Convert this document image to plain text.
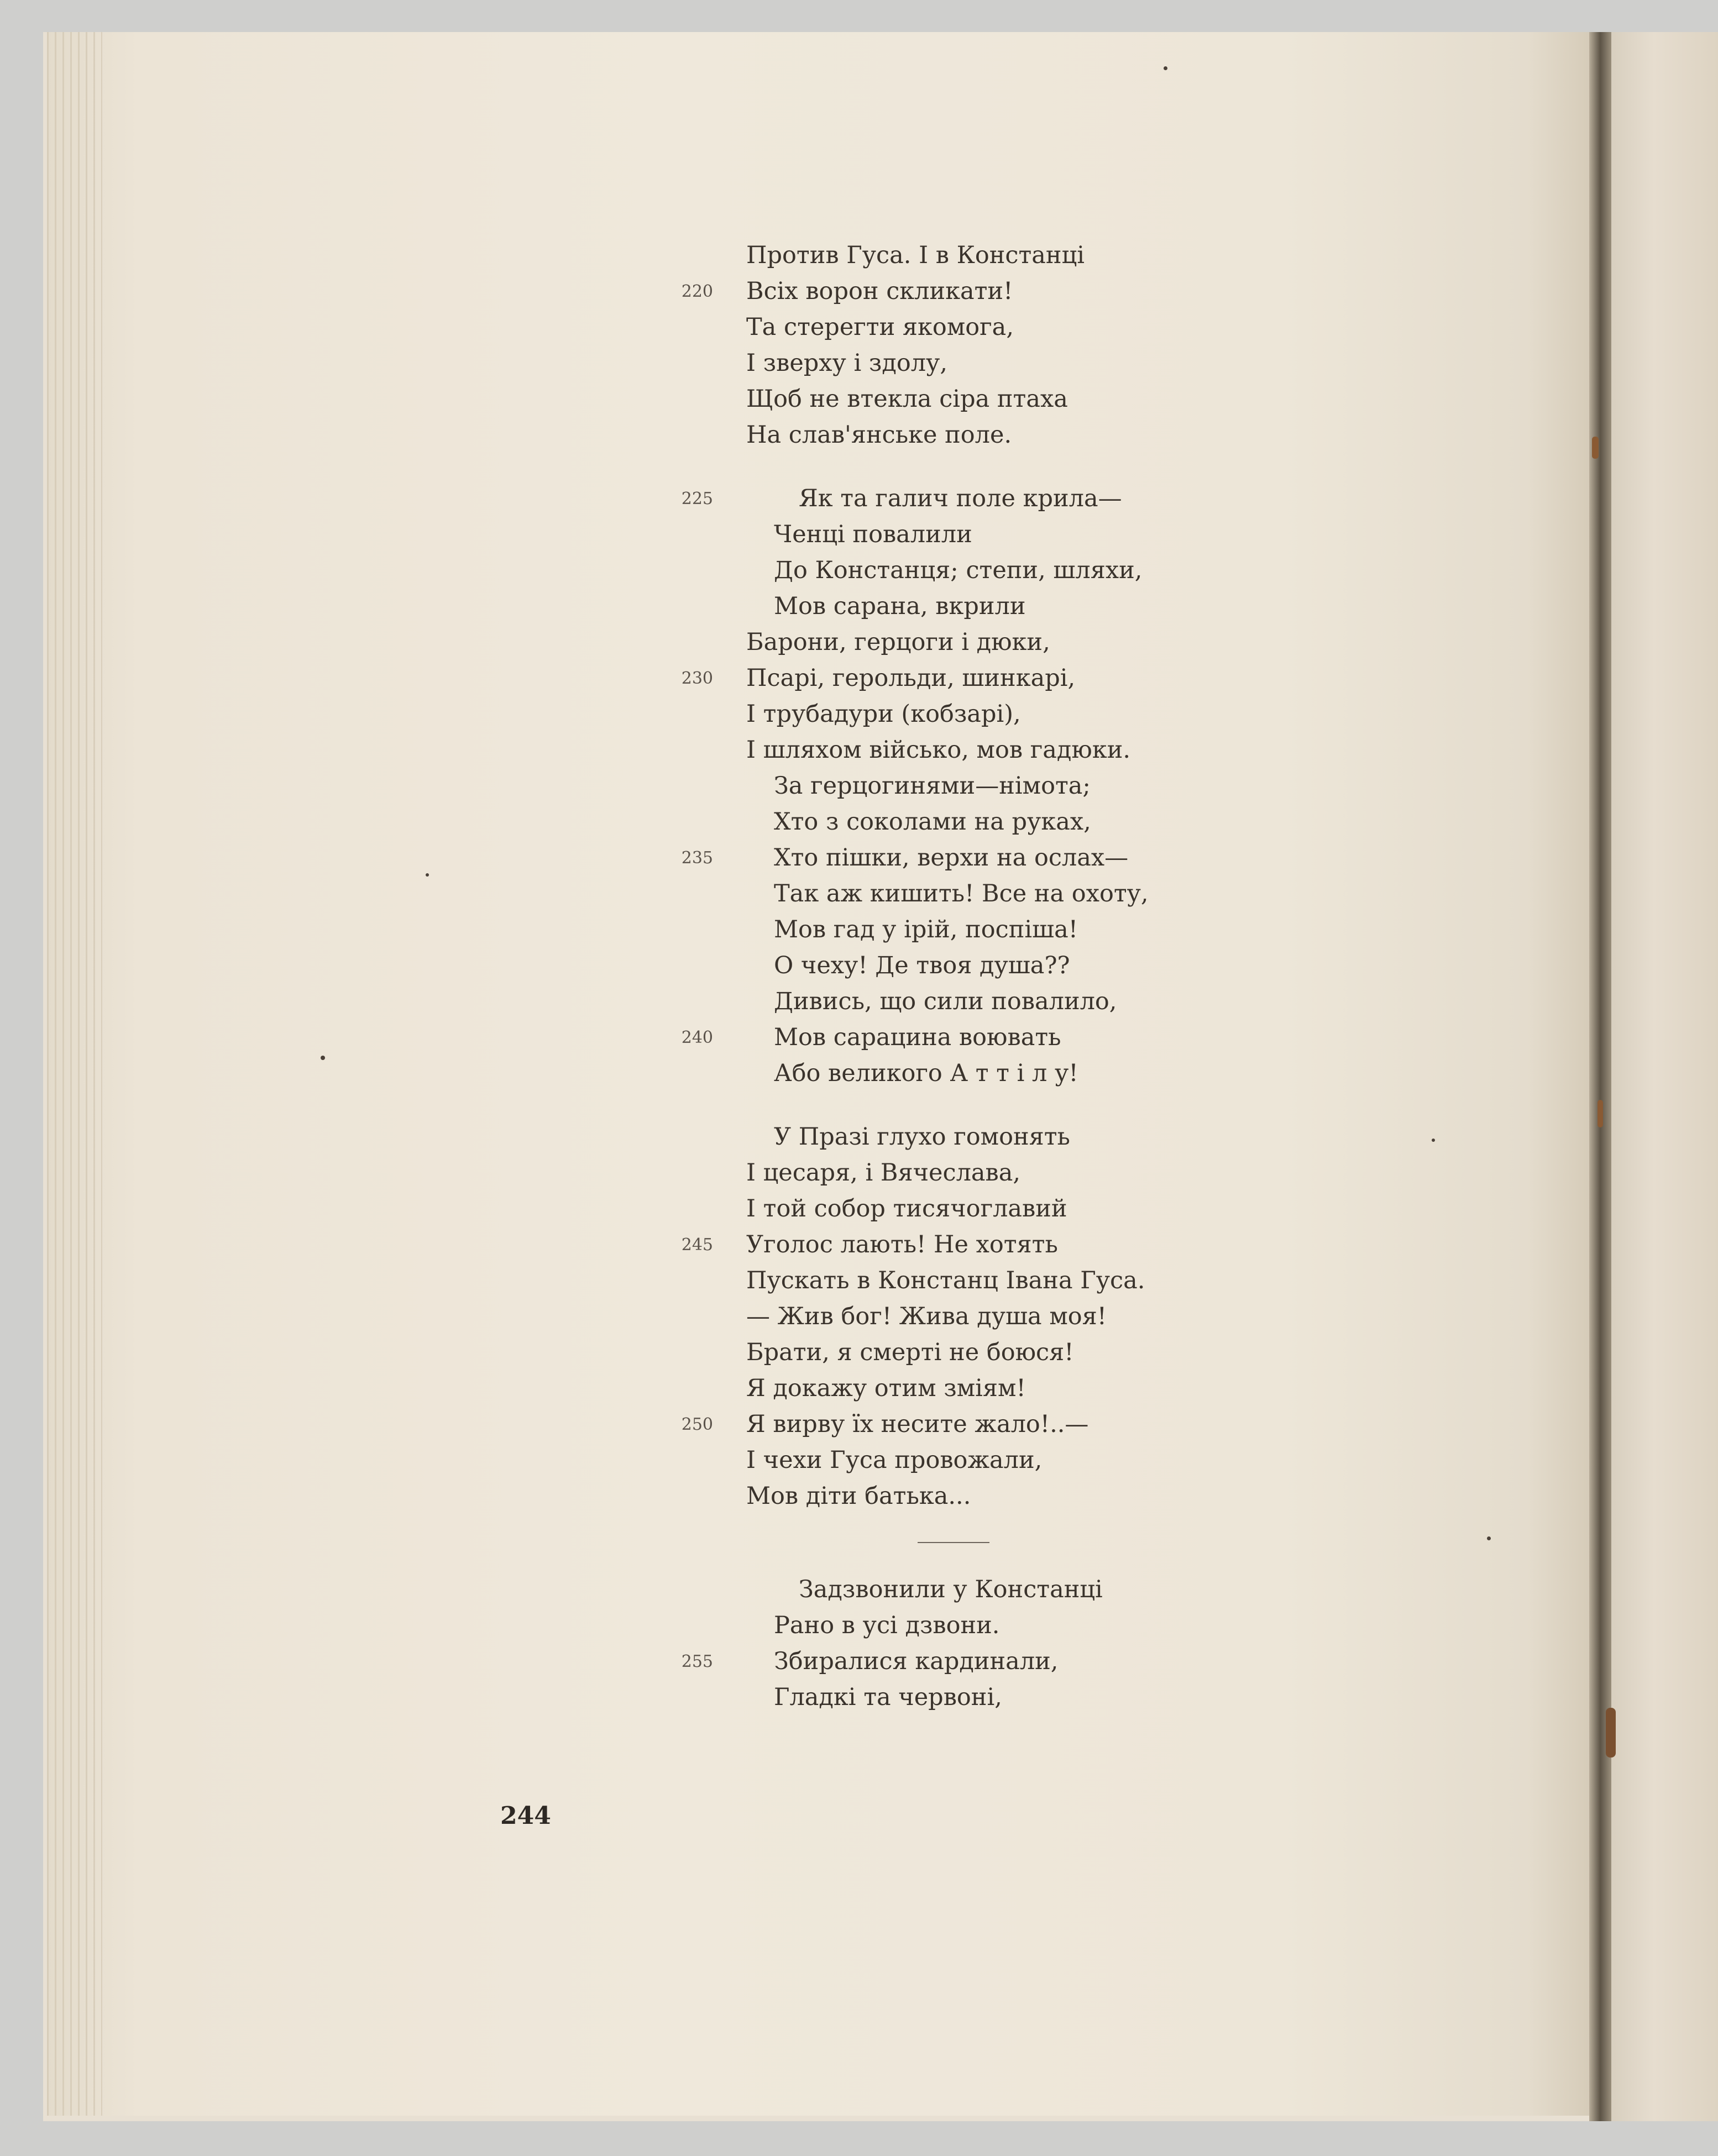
Против Гуса. І в Констанці
220 Всіх ворон скликати!
Та стерегти якомога,
І зверху і здолу,
Щоб не втекла сіра птаха
На слав'янське поле.
225	Як та галич поле крила—
Ченці повалили
До Констанця; степи, шляхи,
Мов сарана, вкрили
Барони, герцоги і дюки,
230 Псарі, герольди, шинкарі,
І трубадури (кобзарі),
І шляхом військо, мов гадюки.
За герцогинями—німота;
Хто з соколами на руках,
235	Хто пішки, верхи на ослах—
Так аж кишить! Все на охоту,
Мов гад у ірій, поспіша!
О чеху! Де твоя душа??
Дивись, що сили повалило,
240	Мов сарацина воювать
Або великого А т т і л у!
У Празі глухо гомонять
І цесаря, і Вячеслава,
І той собор тисячоглавий
245 Уголос лають! Не хотять
Пускать в Констанц Івана Гуса.
— Жив бог! Жива душа моя!
Брати, я смерті не боюся!
Я докажу отим зміям!
250 Я вирву їх несите жало!..—
І чехи Гуса провожали,
Мов діти батька...
Задзвонили у Констанці
Рано в усі дзвони.
255	Збиралися кардинали,
Гладкі та червоні,
244
